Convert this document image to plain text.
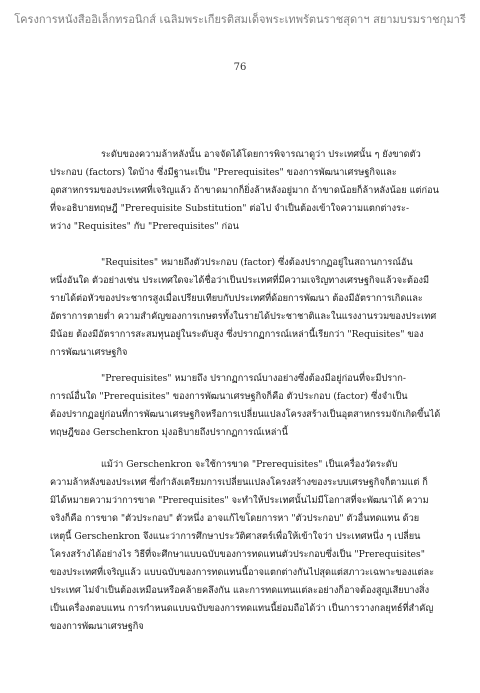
โครงการหนังสืออิเล็กทรอนิกส์ เฉลิมพระเกียรติสมเด็จพระเทพรัตนราชสุดาฯ สยามบรมราชกุมารี
76
ระดับของความล้าหลังนั้น อาจจัดได้โดยการพิจารณาดูว่า ประเทศนั้น ๆ ยังขาดตัว
ประกอบ (factors) ใดบ้าง ซึ่งมีฐานะเป็น "Prerequisites" ของการพัฒนาเศรษฐกิจและ
อุตสาหกรรมของประเทศที่เจริญแล้ว ถ้าขาดมากก็ยิ่งล้าหลังอยู่มาก ถ้าขาดน้อยก็ล้าหลังน้อย แต่ก่อน
ที่จะอธิบายทฤษฎี "Prerequisite Substitution" ต่อไป จำเป็นต้องเข้าใจความแตกต่างระ-
หว่าง "Requisites" กับ "Prerequisites" ก่อน
"Requisites" หมายถึงตัวประกอบ (factor) ซึ่งต้องปรากฏอยู่ในสถานการณ์อัน
หนึ่งอันใด ตัวอย่างเช่น ประเทศใดจะได้ชื่อว่าเป็นประเทศที่มีความเจริญทางเศรษฐกิจแล้วจะต้องมี
รายได้ต่อหัวของประชากรสูงเมื่อเปรียบเทียบกับประเทศที่ด้อยการพัฒนา ต้องมีอัตราการเกิดและ
อัตราการตายต่ำ ความสำคัญของการเกษตรทั้งในรายได้ประชาชาติและในแรงงานรวมของประเทศ
มีน้อย ต้องมีอัตราการสะสมทุนอยู่ในระดับสูง ซึ่งปรากฏการณ์เหล่านี้เรียกว่า "Requisites" ของ
การพัฒนาเศรษฐกิจ
"Prerequisites" หมายถึง ปรากฏการณ์บางอย่างซึ่งต้องมีอยู่ก่อนที่จะมีปราก-
การณ์อื่นใด "Prerequisites" ของการพัฒนาเศรษฐกิจก็คือ ตัวประกอบ (factor) ซึ่งจำเป็น
ต้องปรากฏอยู่ก่อนที่การพัฒนาเศรษฐกิจหรือการเปลี่ยนแปลงโครงสร้างเป็นอุตสาหกรรมจักเกิดขึ้นได้
ทฤษฎีของ Gerschenkron มุ่งอธิบายถึงปรากฏการณ์เหล่านี้
แม้ว่า Gerschenkron จะใช้การขาด "Prerequisites" เป็นเครื่องวัดระดับ
ความล้าหลังของประเทศ ซึ่งกำลังเตรียมการเปลี่ยนแปลงโครงสร้างของระบบเศรษฐกิจก็ตามแต่ ก็
มิได้หมายความว่าการขาด "Prerequisites" จะทำให้ประเทศนั้นไม่มีโอกาสที่จะพัฒนาได้ ความ
จริงก็คือ การขาด "ตัวประกอบ" ตัวหนึ่ง อาจแก้ไขโดยการหา "ตัวประกอบ" ตัวอื่นทดแทน ด้วย
เหตุนี้ Gerschenkron จึงแนะว่าการศึกษาประวัติศาสตร์เพื่อให้เข้าใจว่า ประเทศหนึ่ง ๆ เปลี่ยน
โครงสร้างได้อย่างไร วิธีที่จะศึกษาแบบฉบับของการทดแทนตัวประกอบซึ่งเป็น "Prerequisites"
ของประเทศที่เจริญแล้ว แบบฉบับของการทดแทนนี้อาจแตกต่างกันไปสุดแต่สภาวะเฉพาะของแต่ละ
ประเทศ ไม่จำเป็นต้องเหมือนหรือคล้ายคลึงกัน และการทดแทนแต่ละอย่างก็อาจต้องสูญเสียบางสิ่ง
เป็นเครื่องตอบแทน การกำหนดแบบฉบับของการทดแทนนี้ย่อมถือได้ว่า เป็นการวางกลยุทธ์ที่สำคัญ
ของการพัฒนาเศรษฐกิจ
